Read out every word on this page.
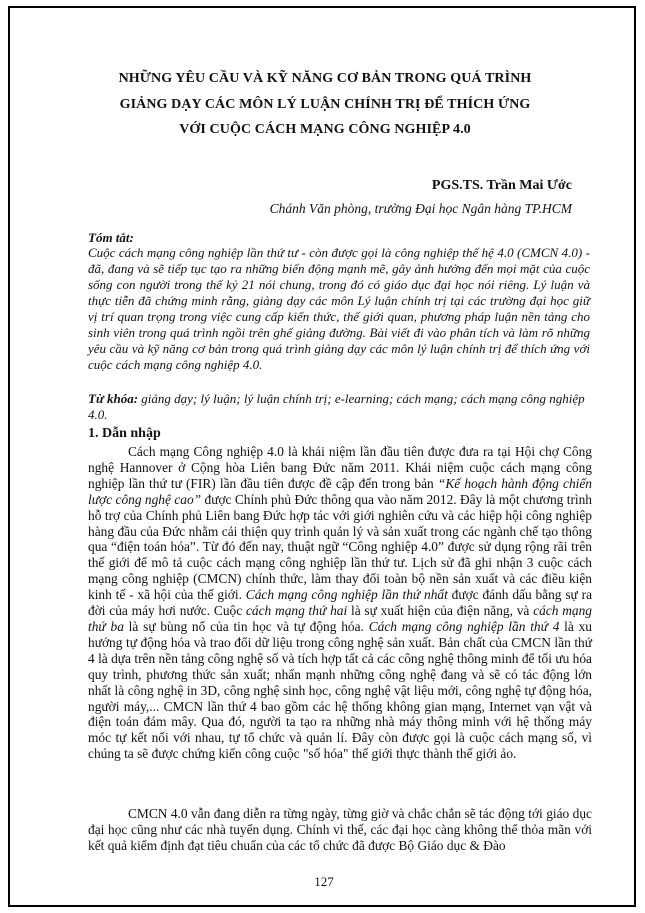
NHỮNG YÊU CẦU VÀ KỸ NĂNG CƠ BẢN TRONG QUÁ TRÌNH
GIẢNG DẠY CÁC MÔN LÝ LUẬN CHÍNH TRỊ ĐỂ THÍCH ỨNG
VỚI CUỘC CÁCH MẠNG CÔNG NGHIỆP 4.0
PGS.TS. Trần Mai Ước
Chánh Văn phòng, trường Đại học Ngân hàng TP.HCM
Tóm tắt:
Cuộc cách mạng công nghiệp lần thứ tư - còn được gọi là công nghiệp thế hệ 4.0 (CMCN 4.0) - đã, đang và sẽ tiếp tục tạo ra những biến động mạnh mẽ, gây ảnh hưởng đến mọi mặt của cuộc sống con người trong thế kỷ 21 nói chung, trong đó có giáo dục đại học nói riêng. Lý luận và thực tiễn đã chứng minh rằng, giảng dạy các môn Lý luận chính trị tại các trường đại học giữ vị trí quan trọng trong việc cung cấp kiến thức, thế giới quan, phương pháp luận nền tảng cho sinh viên trong quá trình ngồi trên ghế giảng đường. Bài viết đi vào phân tích và làm rõ những yêu cầu và kỹ năng cơ bản trong quá trình giảng dạy các môn lý luận chính trị để thích ứng với cuộc cách mạng công nghiệp 4.0.
Từ khóa: giảng dạy; lý luận; lý luận chính trị; e-learning; cách mạng; cách mạng công nghiệp 4.0.
1. Dẫn nhập
Cách mạng Công nghiệp 4.0 là khái niệm lần đầu tiên được đưa ra tại Hội chợ Công nghệ Hannover ở Cộng hòa Liên bang Đức năm 2011. Khái niệm cuộc cách mạng công nghiệp lần thứ tư (FIR) lần đầu tiên được đề cập đến trong bản “Kế hoạch hành động chiến lược công nghệ cao” được Chính phủ Đức thông qua vào năm 2012. Đây là một chương trình hỗ trợ của Chính phủ Liên bang Đức hợp tác với giới nghiên cứu và các hiệp hội công nghiệp hàng đầu của Đức nhằm cải thiện quy trình quản lý và sản xuất trong các ngành chế tạo thông qua “điện toán hóa”. Từ đó đến nay, thuật ngữ “Công nghiệp 4.0” được sử dụng rộng rãi trên thế giới để mô tả cuộc cách mạng công nghiệp lần thứ tư. Lịch sử đã ghi nhận 3 cuộc cách mạng công nghiệp (CMCN) chính thức, làm thay đổi toàn bộ nền sản xuất và các điều kiện kinh tế - xã hội của thế giới. Cách mạng công nghiệp lần thứ nhất được đánh dấu bằng sự ra đời của máy hơi nước. Cuộc cách mạng thứ hai là sự xuất hiện của điện năng, và cách mạng thứ ba là sự bùng nổ của tin học và tự động hóa. Cách mạng công nghiệp lần thứ 4 là xu hướng tự động hóa và trao đổi dữ liệu trong công nghệ sản xuất. Bản chất của CMCN lần thứ 4 là dựa trên nền tảng công nghệ số và tích hợp tất cả các công nghệ thông minh để tối ưu hóa quy trình, phương thức sản xuất; nhấn mạnh những công nghệ đang và sẽ có tác động lớn nhất là công nghệ in 3D, công nghệ sinh học, công nghệ vật liệu mới, công nghệ tự động hóa, người máy,... CMCN lần thứ 4 bao gồm các hệ thống không gian mạng, Internet vạn vật và điện toán đám mây. Qua đó, người ta tạo ra những nhà máy thông minh với hệ thống máy móc tự kết nối với nhau, tự tổ chức và quản lí. Đây còn được gọi là cuộc cách mạng số, vì chúng ta sẽ được chứng kiến công cuộc "số hóa" thế giới thực thành thế giới ảo.
CMCN 4.0 vẫn đang diễn ra từng ngày, từng giờ và chắc chắn sẽ tác động tới giáo dục đại học cũng như các nhà tuyển dụng. Chính vì thế, các đại học càng không thể thỏa mãn với kết quả kiểm định đạt tiêu chuẩn của các tổ chức đã được Bộ Giáo dục & Đào
127
